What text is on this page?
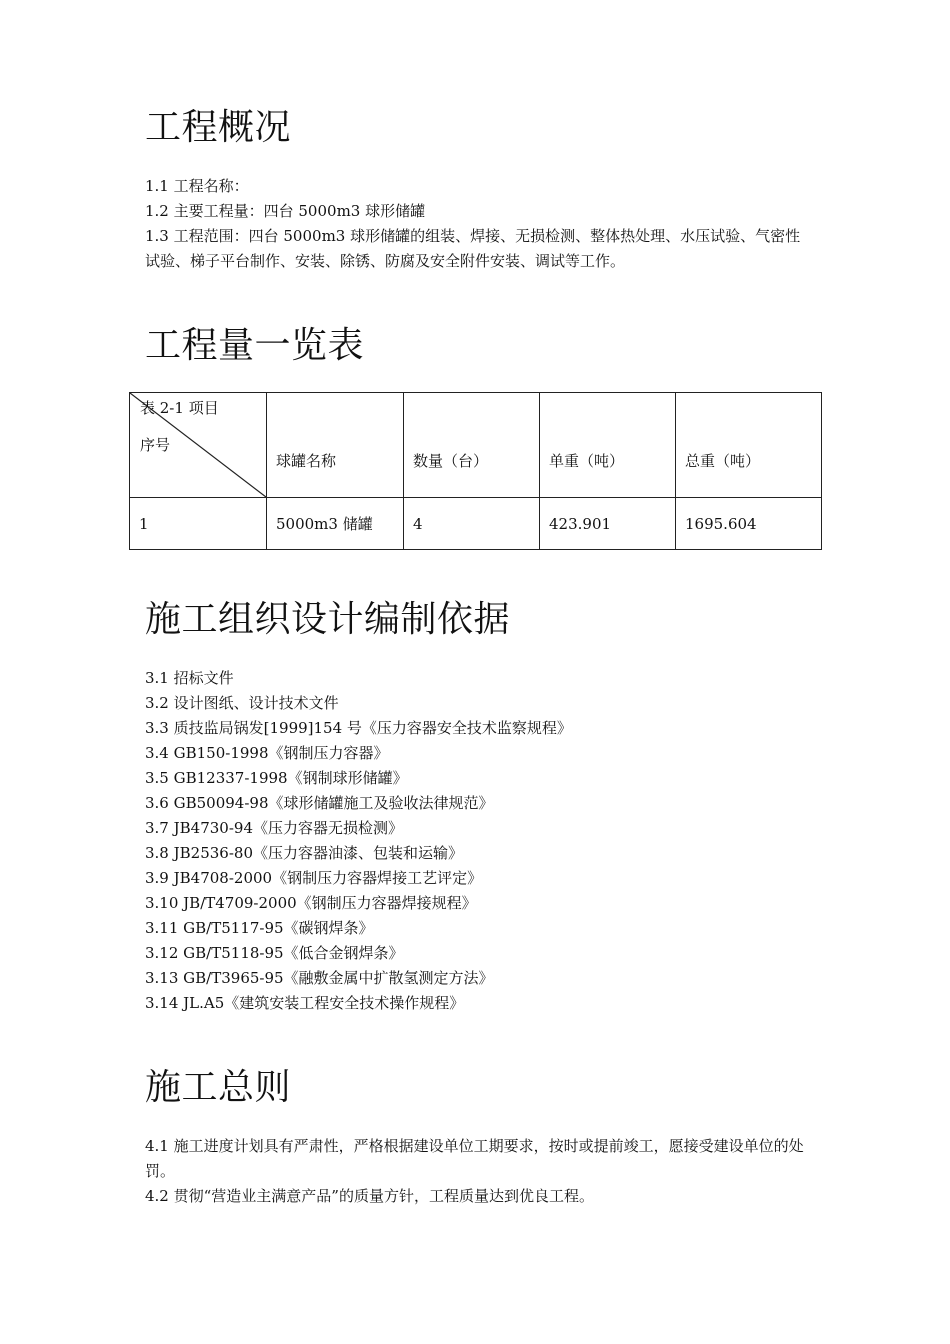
工程概况

1.1 工程名称：

1.2 主要工程量：四台 5000m3 球形储罐

1.3 工程范围：四台 5000m3 球形储罐的组装、焊接、无损检测、整体热处理、水压试验、气密性试验、梯子平台制作、安装、除锈、防腐及安全附件安装、调试等工作。

工程量一览表
表 2-1 项目
序号	球罐名称	数量（台）	单重（吨）	总重（吨）
1	5000m3 储罐	4	423.901	1695.604
施工组织设计编制依据

3.1 招标文件

3.2 设计图纸、设计技术文件

3.3 质技监局锅发[1999]154 号《压力容器安全技术监察规程》

3.4 GB150-1998《钢制压力容器》

3.5 GB12337-1998《钢制球形储罐》

3.6 GB50094-98《球形储罐施工及验收法律规范》

3.7 JB4730-94《压力容器无损检测》

3.8 JB2536-80《压力容器油漆、包装和运输》

3.9 JB4708-2000《钢制压力容器焊接工艺评定》

3.10 JB/T4709-2000《钢制压力容器焊接规程》

3.11 GB/T5117-95《碳钢焊条》

3.12 GB/T5118-95《低合金钢焊条》

3.13 GB/T3965-95《融敷金属中扩散氢测定方法》

3.14 JL.A5《建筑安装工程安全技术操作规程》

施工总则

4.1 施工进度计划具有严肃性，严格根据建设单位工期要求，按时或提前竣工，愿接受建设单位的处罚。

4.2 贯彻“营造业主满意产品”的质量方针，工程质量达到优良工程。
